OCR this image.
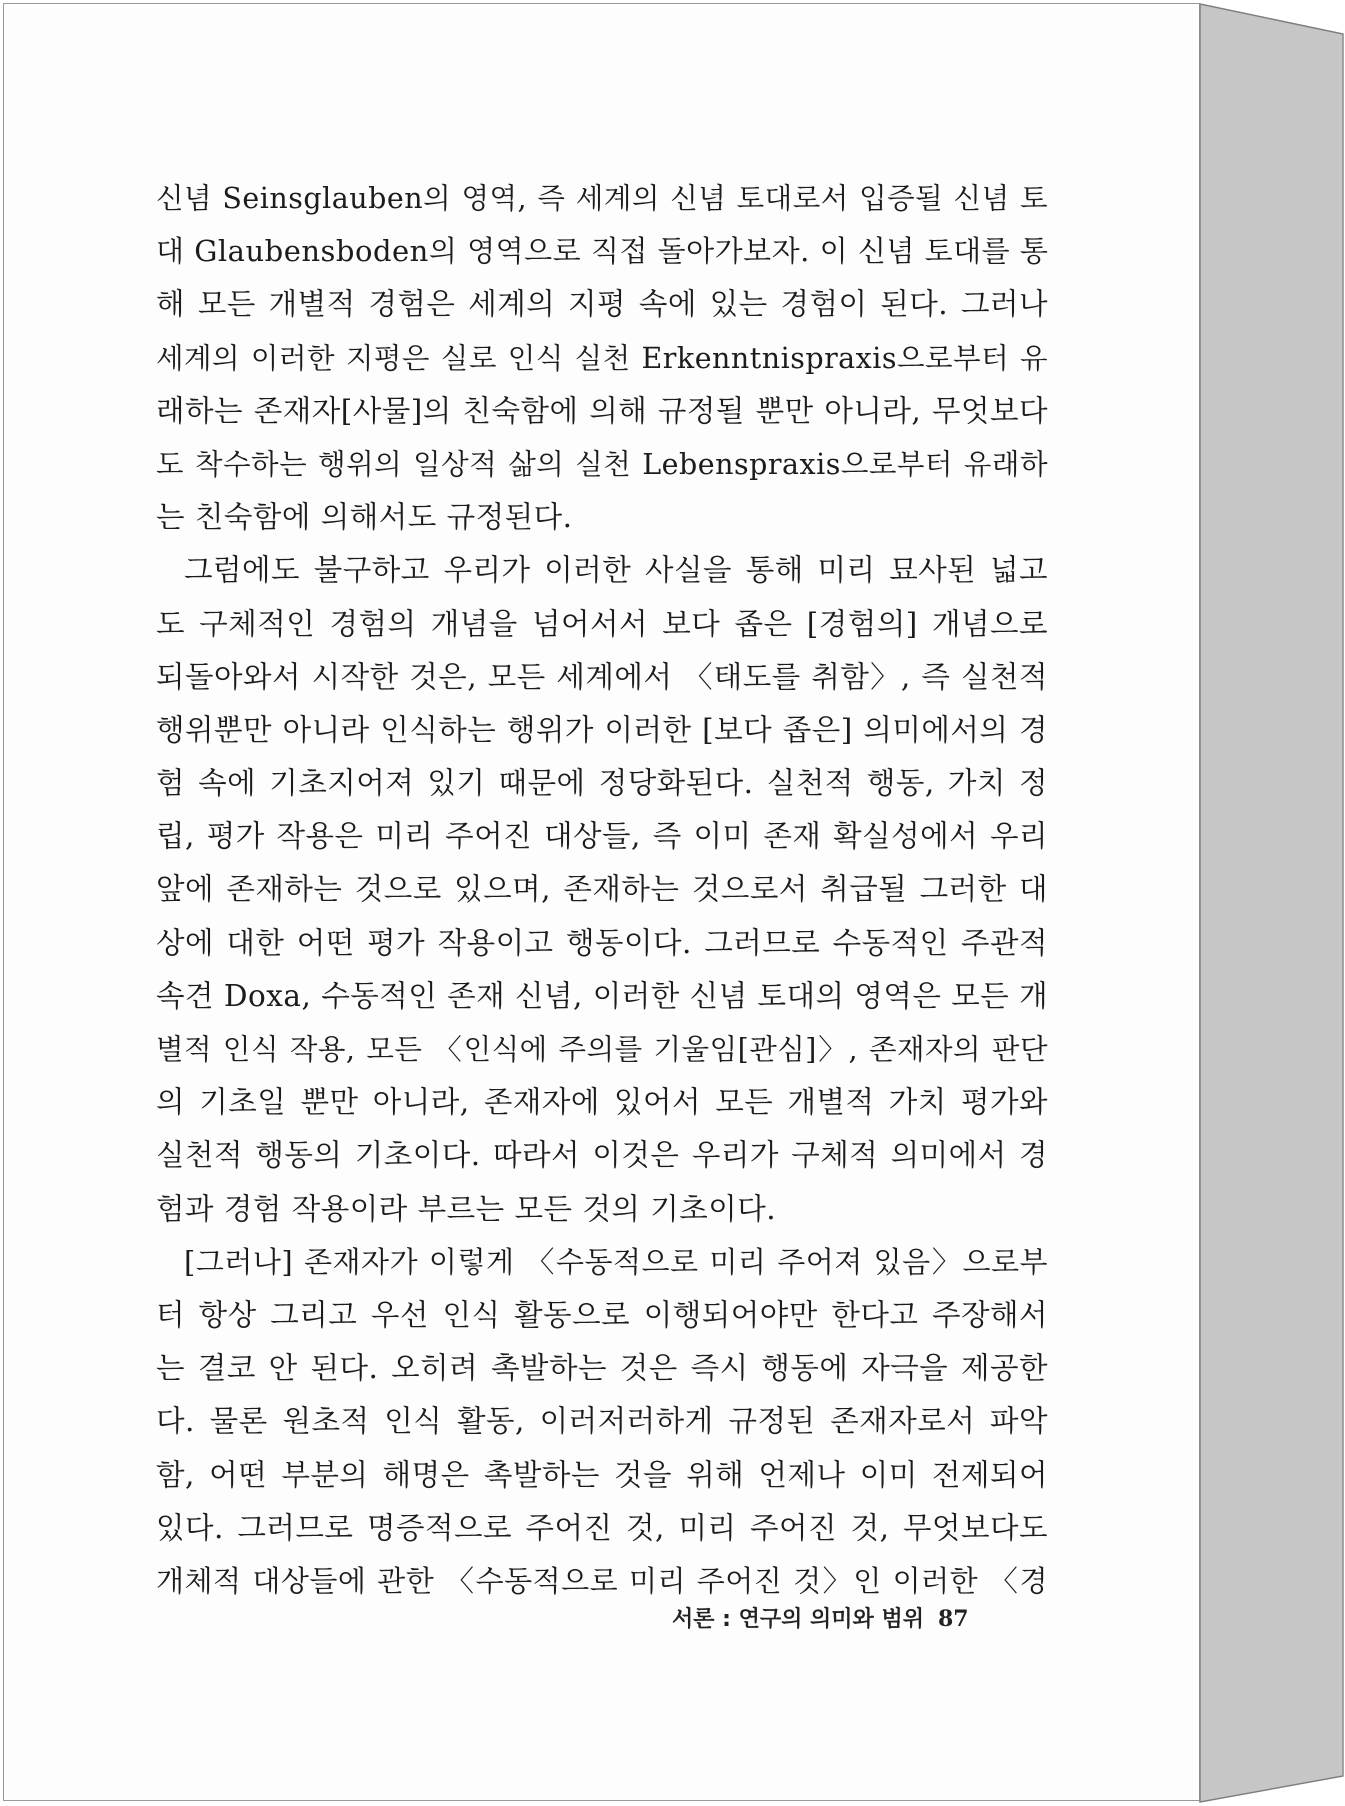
신념 Seinsglauben의 영역, 즉 세계의 신념 토대로서 입증될 신념 토
대 Glaubensboden의 영역으로 직접 돌아가보자. 이 신념 토대를 통
해 모든 개별적 경험은 세계의 지평 속에 있는 경험이 된다. 그러나
세계의 이러한 지평은 실로 인식 실천 Erkenntnispraxis으로부터 유
래하는 존재자[사물]의 친숙함에 의해 규정될 뿐만 아니라, 무엇보다
도 착수하는 행위의 일상적 삶의 실천 Lebenspraxis으로부터 유래하
는 친숙함에 의해서도 규정된다.
그럼에도 불구하고 우리가 이러한 사실을 통해 미리 묘사된 넓고
도 구체적인 경험의 개념을 넘어서서 보다 좁은 [경험의] 개념으로
되돌아와서 시작한 것은, 모든 세계에서 〈태도를 취함〉, 즉 실천적
행위뿐만 아니라 인식하는 행위가 이러한 [보다 좁은] 의미에서의 경
험 속에 기초지어져 있기 때문에 정당화된다. 실천적 행동, 가치 정
립, 평가 작용은 미리 주어진 대상들, 즉 이미 존재 확실성에서 우리
앞에 존재하는 것으로 있으며, 존재하는 것으로서 취급될 그러한 대
상에 대한 어떤 평가 작용이고 행동이다. 그러므로 수동적인 주관적
속견 Doxa, 수동적인 존재 신념, 이러한 신념 토대의 영역은 모든 개
별적 인식 작용, 모든 〈인식에 주의를 기울임[관심]〉, 존재자의 판단
의 기초일 뿐만 아니라, 존재자에 있어서 모든 개별적 가치 평가와
실천적 행동의 기초이다. 따라서 이것은 우리가 구체적 의미에서 경
험과 경험 작용이라 부르는 모든 것의 기초이다.
[그러나] 존재자가 이렇게 〈수동적으로 미리 주어져 있음〉으로부
터 항상 그리고 우선 인식 활동으로 이행되어야만 한다고 주장해서
는 결코 안 된다. 오히려 촉발하는 것은 즉시 행동에 자극을 제공한
다. 물론 원초적 인식 활동, 이러저러하게 규정된 존재자로서 파악
함, 어떤 부분의 해명은 촉발하는 것을 위해 언제나 이미 전제되어
있다. 그러므로 명증적으로 주어진 것, 미리 주어진 것, 무엇보다도
개체적 대상들에 관한 〈수동적으로 미리 주어진 것〉인 이러한 〈경
서론 : 연구의 의미와 범위 87
